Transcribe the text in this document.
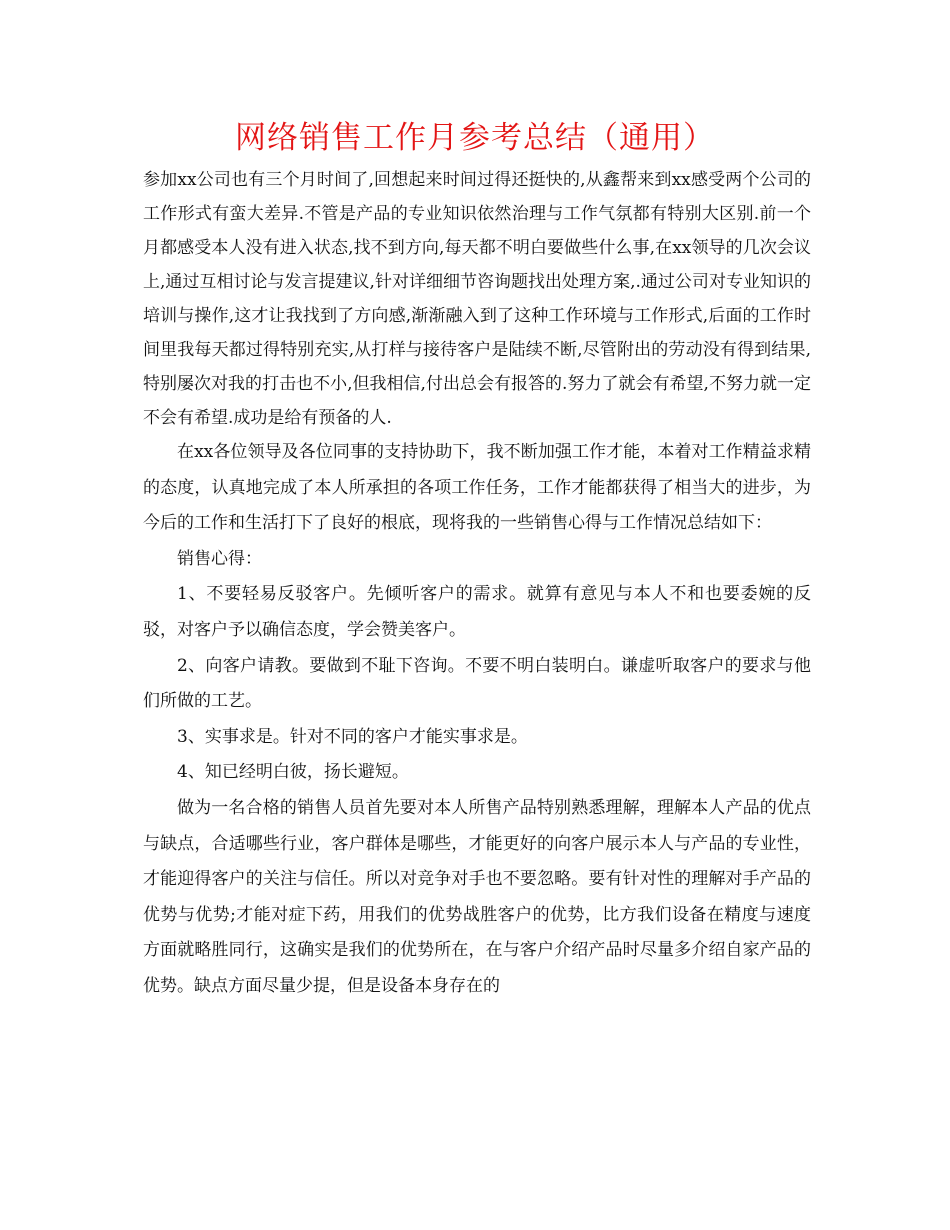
网络销售工作月参考总结（通用）

参加xx公司也有三个月时间了,回想起来时间过得还挺快的,从鑫帮来到xx感受两个公司的工作形式有蛮大差异.不管是产品的专业知识依然治理与工作气氛都有特别大区别.前一个月都感受本人没有进入状态,找不到方向,每天都不明白要做些什么事,在xx领导的几次会议上,通过互相讨论与发言提建议,针对详细细节咨询题找出处理方案,.通过公司对专业知识的培训与操作,这才让我找到了方向感,渐渐融入到了这种工作环境与工作形式,后面的工作时间里我每天都过得特别充实,从打样与接待客户是陆续不断,尽管附出的劳动没有得到结果,特别屡次对我的打击也不小,但我相信,付出总会有报答的.努力了就会有希望,不努力就一定不会有希望.成功是给有预备的人.

在xx各位领导及各位同事的支持协助下，我不断加强工作才能，本着对工作精益求精的态度，认真地完成了本人所承担的各项工作任务，工作才能都获得了相当大的进步，为今后的工作和生活打下了良好的根底，现将我的一些销售心得与工作情况总结如下：

销售心得：

1、不要轻易反驳客户。先倾听客户的需求。就算有意见与本人不和也要委婉的反驳，对客户予以确信态度，学会赞美客户。

2、向客户请教。要做到不耻下咨询。不要不明白装明白。谦虚听取客户的要求与他们所做的工艺。

3、实事求是。针对不同的客户才能实事求是。

4、知已经明白彼，扬长避短。

做为一名合格的销售人员首先要对本人所售产品特别熟悉理解，理解本人产品的优点与缺点，合适哪些行业，客户群体是哪些，才能更好的向客户展示本人与产品的专业性，才能迎得客户的关注与信任。所以对竞争对手也不要忽略。要有针对性的理解对手产品的优势与优势;才能对症下药，用我们的优势战胜客户的优势，比方我们设备在精度与速度方面就略胜同行，这确实是我们的优势所在，在与客户介绍产品时尽量多介绍自家产品的优势。缺点方面尽量少提，但是设备本身存在的
